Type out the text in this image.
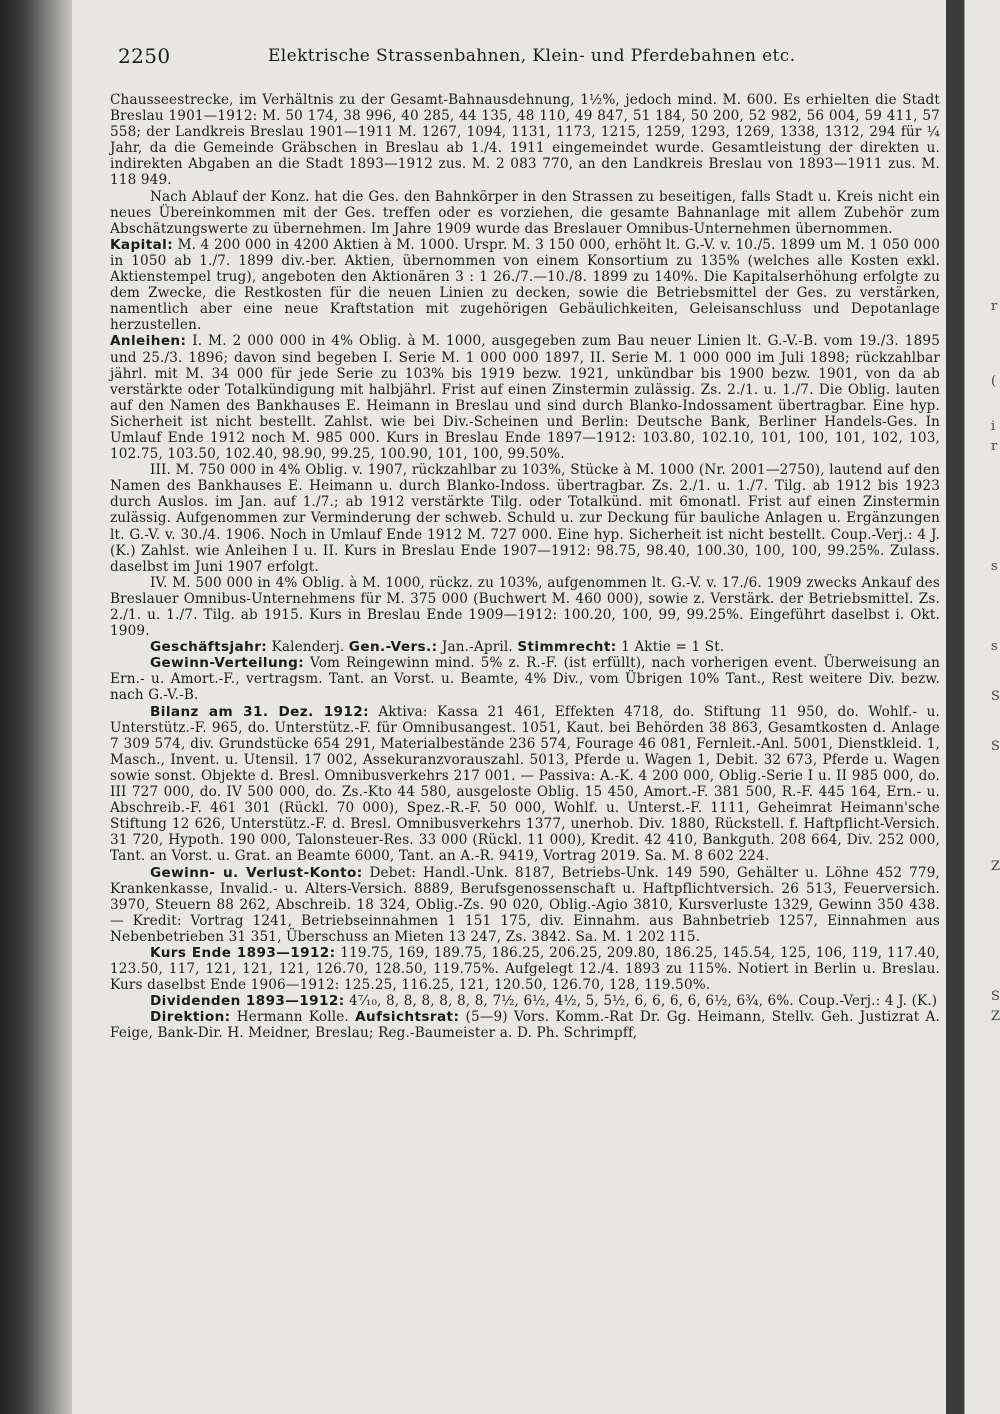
r
r
(
i
s
s
S
S
Z
S
Z
2250	Elektrische Strassenbahnen, Klein- und Pferdebahnen etc.

Chausseestrecke, im Verhältnis zu der Gesamt-Bahnausdehnung, 1½%, jedoch mind. M. 600. Es erhielten die Stadt Breslau 1901—1912: M. 50 174, 38 996, 40 285, 44 135, 48 110, 49 847, 51 184, 50 200, 52 982, 56 004, 59 411, 57 558; der Landkreis Breslau 1901—1911 M. 1267, 1094, 1131, 1173, 1215, 1259, 1293, 1269, 1338, 1312, 294 für ¼ Jahr, da die Gemeinde Gräbschen in Breslau ab 1./4. 1911 eingemeindet wurde. Gesamtleistung der direkten u. indirekten Abgaben an die Stadt 1893—1912 zus. M. 2 083 770, an den Landkreis Breslau von 1893—1911 zus. M. 118 949.

Nach Ablauf der Konz. hat die Ges. den Bahnkörper in den Strassen zu beseitigen, falls Stadt u. Kreis nicht ein neues Übereinkommen mit der Ges. treffen oder es vorziehen, die gesamte Bahnanlage mit allem Zubehör zum Abschätzungswerte zu übernehmen. Im Jahre 1909 wurde das Breslauer Omnibus-Unternehmen übernommen.

Kapital: M. 4 200 000 in 4200 Aktien à M. 1000. Urspr. M. 3 150 000, erhöht lt. G.-V. v. 10./5. 1899 um M. 1 050 000 in 1050 ab 1./7. 1899 div.-ber. Aktien, übernommen von einem Konsortium zu 135% (welches alle Kosten exkl. Aktienstempel trug), angeboten den Aktionären 3 : 1 26./7.—10./8. 1899 zu 140%. Die Kapitalserhöhung erfolgte zu dem Zwecke, die Restkosten für die neuen Linien zu decken, sowie die Betriebsmittel der Ges. zu verstärken, namentlich aber eine neue Kraftstation mit zugehörigen Gebäulichkeiten, Geleisanschluss und Depotanlage herzustellen.

Anleihen: I. M. 2 000 000 in 4% Oblig. à M. 1000, ausgegeben zum Bau neuer Linien lt. G.-V.-B. vom 19./3. 1895 und 25./3. 1896; davon sind begeben I. Serie M. 1 000 000 1897, II. Serie M. 1 000 000 im Juli 1898; rückzahlbar jährl. mit M. 34 000 für jede Serie zu 103% bis 1919 bezw. 1921, unkündbar bis 1900 bezw. 1901, von da ab verstärkte oder Totalkündigung mit halbjährl. Frist auf einen Zinstermin zulässig. Zs. 2./1. u. 1./7. Die Oblig. lauten auf den Namen des Bankhauses E. Heimann in Breslau und sind durch Blanko-Indossament übertragbar. Eine hyp. Sicherheit ist nicht bestellt. Zahlst. wie bei Div.-Scheinen und Berlin: Deutsche Bank, Berliner Handels-Ges. In Umlauf Ende 1912 noch M. 985 000. Kurs in Breslau Ende 1897—1912: 103.80, 102.10, 101, 100, 101, 102, 103, 102.75, 103.50, 102.40, 98.90, 99.25, 100.90, 101, 100, 99.50%.

III. M. 750 000 in 4% Oblig. v. 1907, rückzahlbar zu 103%, Stücke à M. 1000 (Nr. 2001—2750), lautend auf den Namen des Bankhauses E. Heimann u. durch Blanko-Indoss. übertragbar. Zs. 2./1. u. 1./7. Tilg. ab 1912 bis 1923 durch Auslos. im Jan. auf 1./7.; ab 1912 verstärkte Tilg. oder Totalkünd. mit 6monatl. Frist auf einen Zinstermin zulässig. Aufgenommen zur Verminderung der schweb. Schuld u. zur Deckung für bauliche Anlagen u. Ergänzungen lt. G.-V. v. 30./4. 1906. Noch in Umlauf Ende 1912 M. 727 000. Eine hyp. Sicherheit ist nicht bestellt. Coup.-Verj.: 4 J. (K.) Zahlst. wie Anleihen I u. II. Kurs in Breslau Ende 1907—1912: 98.75, 98.40, 100.30, 100, 100, 99.25%. Zulass. daselbst im Juni 1907 erfolgt.

IV. M. 500 000 in 4% Oblig. à M. 1000, rückz. zu 103%, aufgenommen lt. G.-V. v. 17./6. 1909 zwecks Ankauf des Breslauer Omnibus-Unternehmens für M. 375 000 (Buchwert M. 460 000), sowie z. Verstärk. der Betriebsmittel. Zs. 2./1. u. 1./7. Tilg. ab 1915. Kurs in Breslau Ende 1909—1912: 100.20, 100, 99, 99.25%. Eingeführt daselbst i. Okt. 1909.

Geschäftsjahr: Kalenderj. Gen.-Vers.: Jan.-April. Stimmrecht: 1 Aktie = 1 St.

Gewinn-Verteilung: Vom Reingewinn mind. 5% z. R.-F. (ist erfüllt), nach vorherigen event. Überweisung an Ern.- u. Amort.-F., vertragsm. Tant. an Vorst. u. Beamte, 4% Div., vom Übrigen 10% Tant., Rest weitere Div. bezw. nach G.-V.-B.

Bilanz am 31. Dez. 1912: Aktiva: Kassa 21 461, Effekten 4718, do. Stiftung 11 950, do. Wohlf.- u. Unterstütz.-F. 965, do. Unterstütz.-F. für Omnibusangest. 1051, Kaut. bei Behörden 38 863, Gesamtkosten d. Anlage 7 309 574, div. Grundstücke 654 291, Materialbestände 236 574, Fourage 46 081, Fernleit.-Anl. 5001, Dienstkleid. 1, Masch., Invent. u. Utensil. 17 002, Assekuranzvorauszahl. 5013, Pferde u. Wagen 1, Debit. 32 673, Pferde u. Wagen sowie sonst. Objekte d. Bresl. Omnibusverkehrs 217 001. — Passiva: A.-K. 4 200 000, Oblig.-Serie I u. II 985 000, do. III 727 000, do. IV 500 000, do. Zs.-Kto 44 580, ausgeloste Oblig. 15 450, Amort.-F. 381 500, R.-F. 445 164, Ern.- u. Abschreib.-F. 461 301 (Rückl. 70 000), Spez.-R.-F. 50 000, Wohlf. u. Unterst.-F. 1111, Geheimrat Heimann'sche Stiftung 12 626, Unterstütz.-F. d. Bresl. Omnibusverkehrs 1377, unerhob. Div. 1880, Rückstell. f. Haftpflicht-Versich. 31 720, Hypoth. 190 000, Talonsteuer-Res. 33 000 (Rückl. 11 000), Kredit. 42 410, Bankguth. 208 664, Div. 252 000, Tant. an Vorst. u. Grat. an Beamte 6000, Tant. an A.-R. 9419, Vortrag 2019. Sa. M. 8 602 224.

Gewinn- u. Verlust-Konto: Debet: Handl.-Unk. 8187, Betriebs-Unk. 149 590, Gehälter u. Löhne 452 779, Krankenkasse, Invalid.- u. Alters-Versich. 8889, Berufsgenossenschaft u. Haftpflichtversich. 26 513, Feuerversich. 3970, Steuern 88 262, Abschreib. 18 324, Oblig.-Zs. 90 020, Oblig.-Agio 3810, Kursverluste 1329, Gewinn 350 438. — Kredit: Vortrag 1241, Betriebseinnahmen 1 151 175, div. Einnahm. aus Bahnbetrieb 1257, Einnahmen aus Nebenbetrieben 31 351, Überschuss an Mieten 13 247, Zs. 3842. Sa. M. 1 202 115.

Kurs Ende 1893—1912: 119.75, 169, 189.75, 186.25, 206.25, 209.80, 186.25, 145.54, 125, 106, 119, 117.40, 123.50, 117, 121, 121, 121, 126.70, 128.50, 119.75%. Aufgelegt 12./4. 1893 zu 115%. Notiert in Berlin u. Breslau. Kurs daselbst Ende 1906—1912: 125.25, 116.25, 121, 120.50, 126.70, 128, 119.50%.

Dividenden 1893—1912: 4⁷⁄₁₀, 8, 8, 8, 8, 8, 8, 7½, 6½, 4½, 5, 5½, 6, 6, 6, 6, 6½, 6¾, 6%. Coup.-Verj.: 4 J. (K.)

Direktion: Hermann Kolle. Aufsichtsrat: (5—9) Vors. Komm.-Rat Dr. Gg. Heimann, Stellv. Geh. Justizrat A. Feige, Bank-Dir. H. Meidner, Breslau; Reg.-Baumeister a. D. Ph. Schrimpff,
